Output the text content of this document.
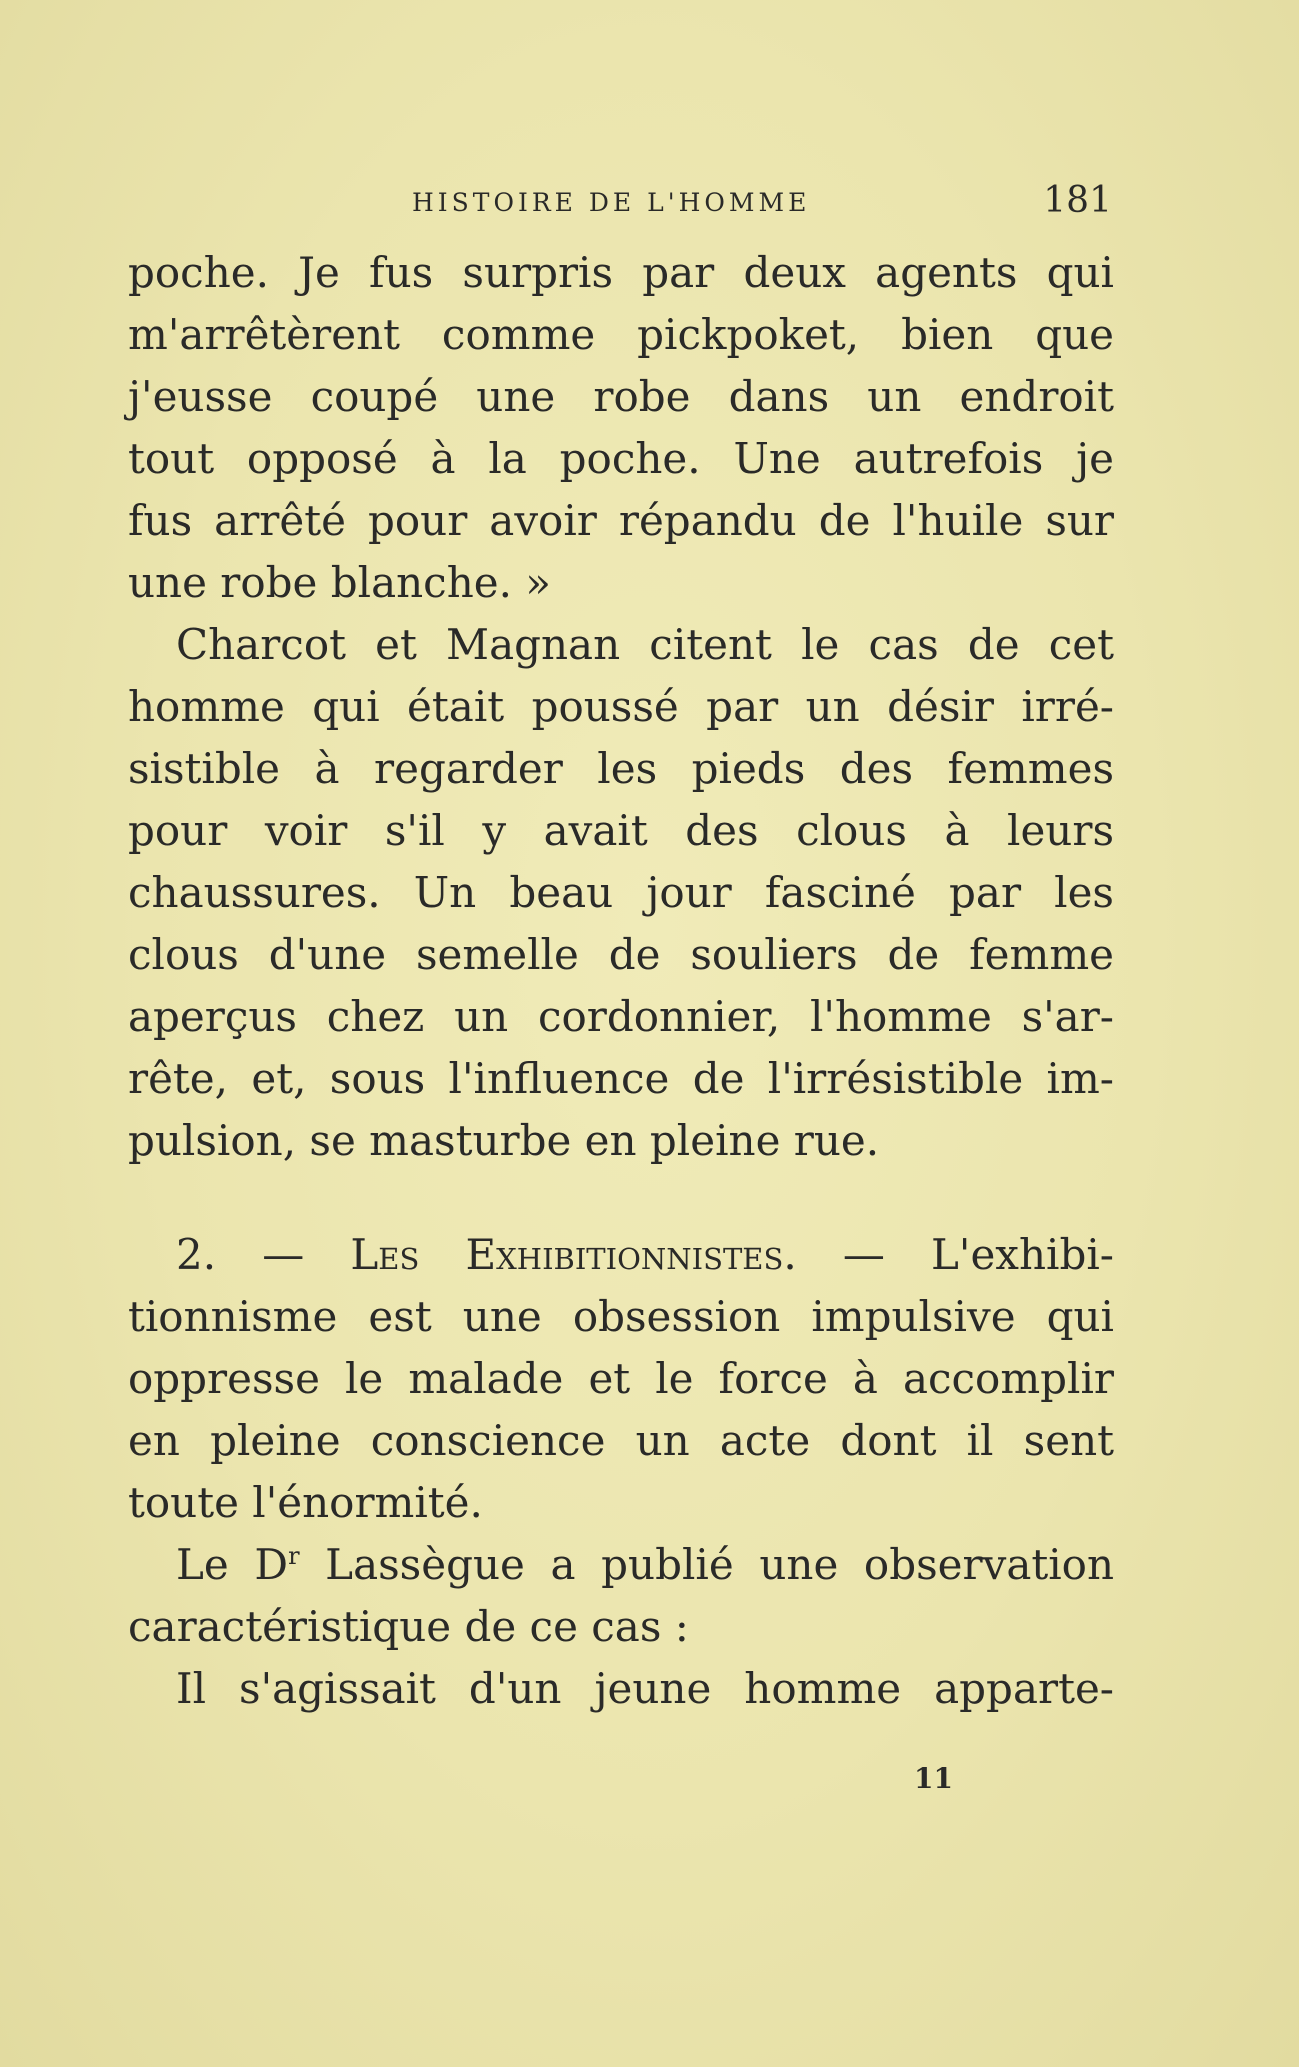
HISTOIRE DE L'HOMME	181
poche. Je fus surpris par deux agents qui
m'arrêtèrent comme pickpoket, bien que
j'eusse coupé une robe dans un endroit
tout opposé à la poche. Une autrefois je
fus arrêté pour avoir répandu de l'huile sur
une robe blanche. »
Charcot et Magnan citent le cas de cet
homme qui était poussé par un désir irré-
sistible à regarder les pieds des femmes
pour voir s'il y avait des clous à leurs
chaussures. Un beau jour fasciné par les
clous d'une semelle de souliers de femme
aperçus chez un cordonnier, l'homme s'ar-
rête, et, sous l'influence de l'irrésistible im-
pulsion, se masturbe en pleine rue.
2. — Les Exhibitionnistes. — L'exhibi-
tionnisme est une obsession impulsive qui
oppresse le malade et le force à accomplir
en pleine conscience un acte dont il sent
toute l'énormité.
Le $D^r$ Lassègue a publié une observation
caractéristique de ce cas :
Il s'agissait d'un jeune homme apparte-
11
